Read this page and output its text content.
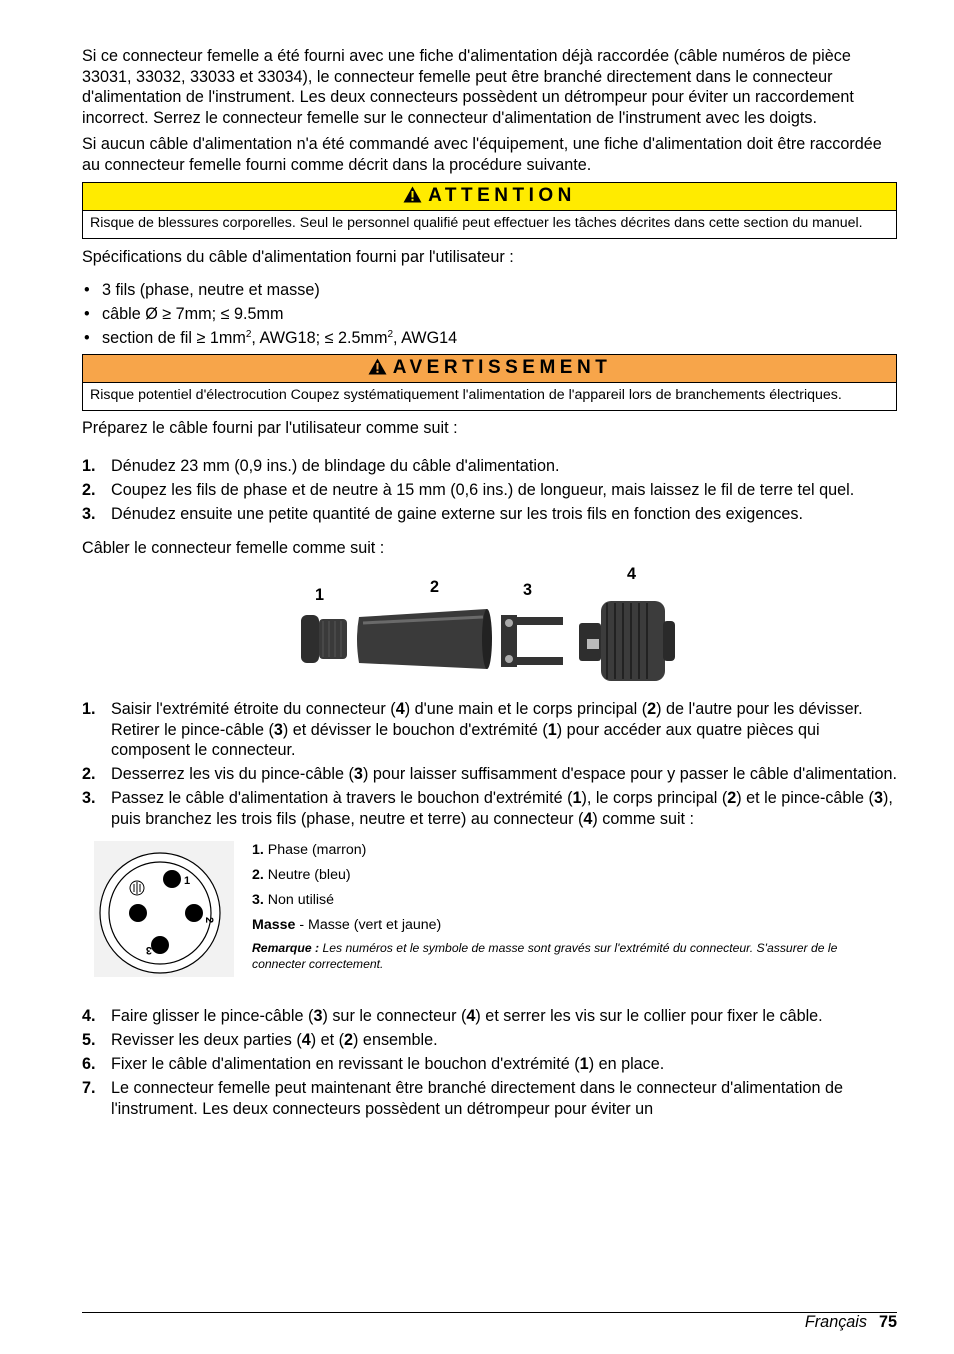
Si ce connecteur femelle a été fourni avec une fiche d'alimentation déjà raccordée (câble numéros de pièce 33031, 33032, 33033 et 33034), le connecteur femelle peut être branché directement dans le connecteur d'alimentation de l'instrument. Les deux connecteurs possèdent un détrompeur pour éviter un raccordement incorrect. Serrez le connecteur femelle sur le connecteur d'alimentation de l'instrument avec les doigts.

Si aucun câble d'alimentation n'a été commandé avec l'équipement, une fiche d'alimentation doit être raccordée au connecteur femelle fourni comme décrit dans la procédure suivante.

ATTENTION
Risque de blessures corporelles. Seul le personnel qualifié peut effectuer les tâches décrites dans cette section du manuel.

Spécifications du câble d'alimentation fourni par l'utilisateur :

• 3 fils (phase, neutre et masse)
• câble Ø ≥ 7mm; ≤ 9.5mm
• section de fil ≥ $1mm^2$, AWG18; ≤ $2.5mm^2$, AWG14
AVERTISSEMENT
Risque potentiel d'électrocution Coupez systématiquement l'alimentation de l'appareil lors de branchements électriques.

Préparez le câble fourni par l'utilisateur comme suit :

1. Dénudez 23 mm (0,9 ins.) de blindage du câble d'alimentation.
2. Coupez les fils de phase et de neutre à 15 mm (0,6 ins.) de longueur, mais laissez le fil de terre tel quel.
3. Dénudez ensuite une petite quantité de gaine externe sur les trois fils en fonction des exigences.

Câbler le connecteur femelle comme suit :

1	2	3
4
1. Saisir l'extrémité étroite du connecteur (4) d'une main et le corps principal (2) de l'autre pour les dévisser. Retirer le pince-câble (3) et dévisser le bouchon d'extrémité (1) pour accéder aux quatre pièces qui composent le connecteur.
2. Desserrez les vis du pince-câble (3) pour laisser suffisamment d'espace pour y passer le câble d'alimentation.
3. Passez le câble d'alimentation à travers le bouchon d'extrémité (1), le corps principal (2) et le pince-câble (3), puis branchez les trois fils (phase, neutre et terre) au connecteur (4) comme suit :
1
2
3
1. Phase (marron)
2. Neutre (bleu)
3. Non utilisé
Masse - Masse (vert et jaune)
Remarque : Les numéros et le symbole de masse sont gravés sur l'extrémité du connecteur. S'assurer de le connecter correctement.
4. Faire glisser le pince-câble (3) sur le connecteur (4) et serrer les vis sur le collier pour fixer le câble.
5. Revisser les deux parties (4) et (2) ensemble.
6. Fixer le câble d'alimentation en revissant le bouchon d'extrémité (1) en place.
7. Le connecteur femelle peut maintenant être branché directement dans le connecteur d'alimentation de l'instrument. Les deux connecteurs possèdent un détrompeur pour éviter un
Français 75
